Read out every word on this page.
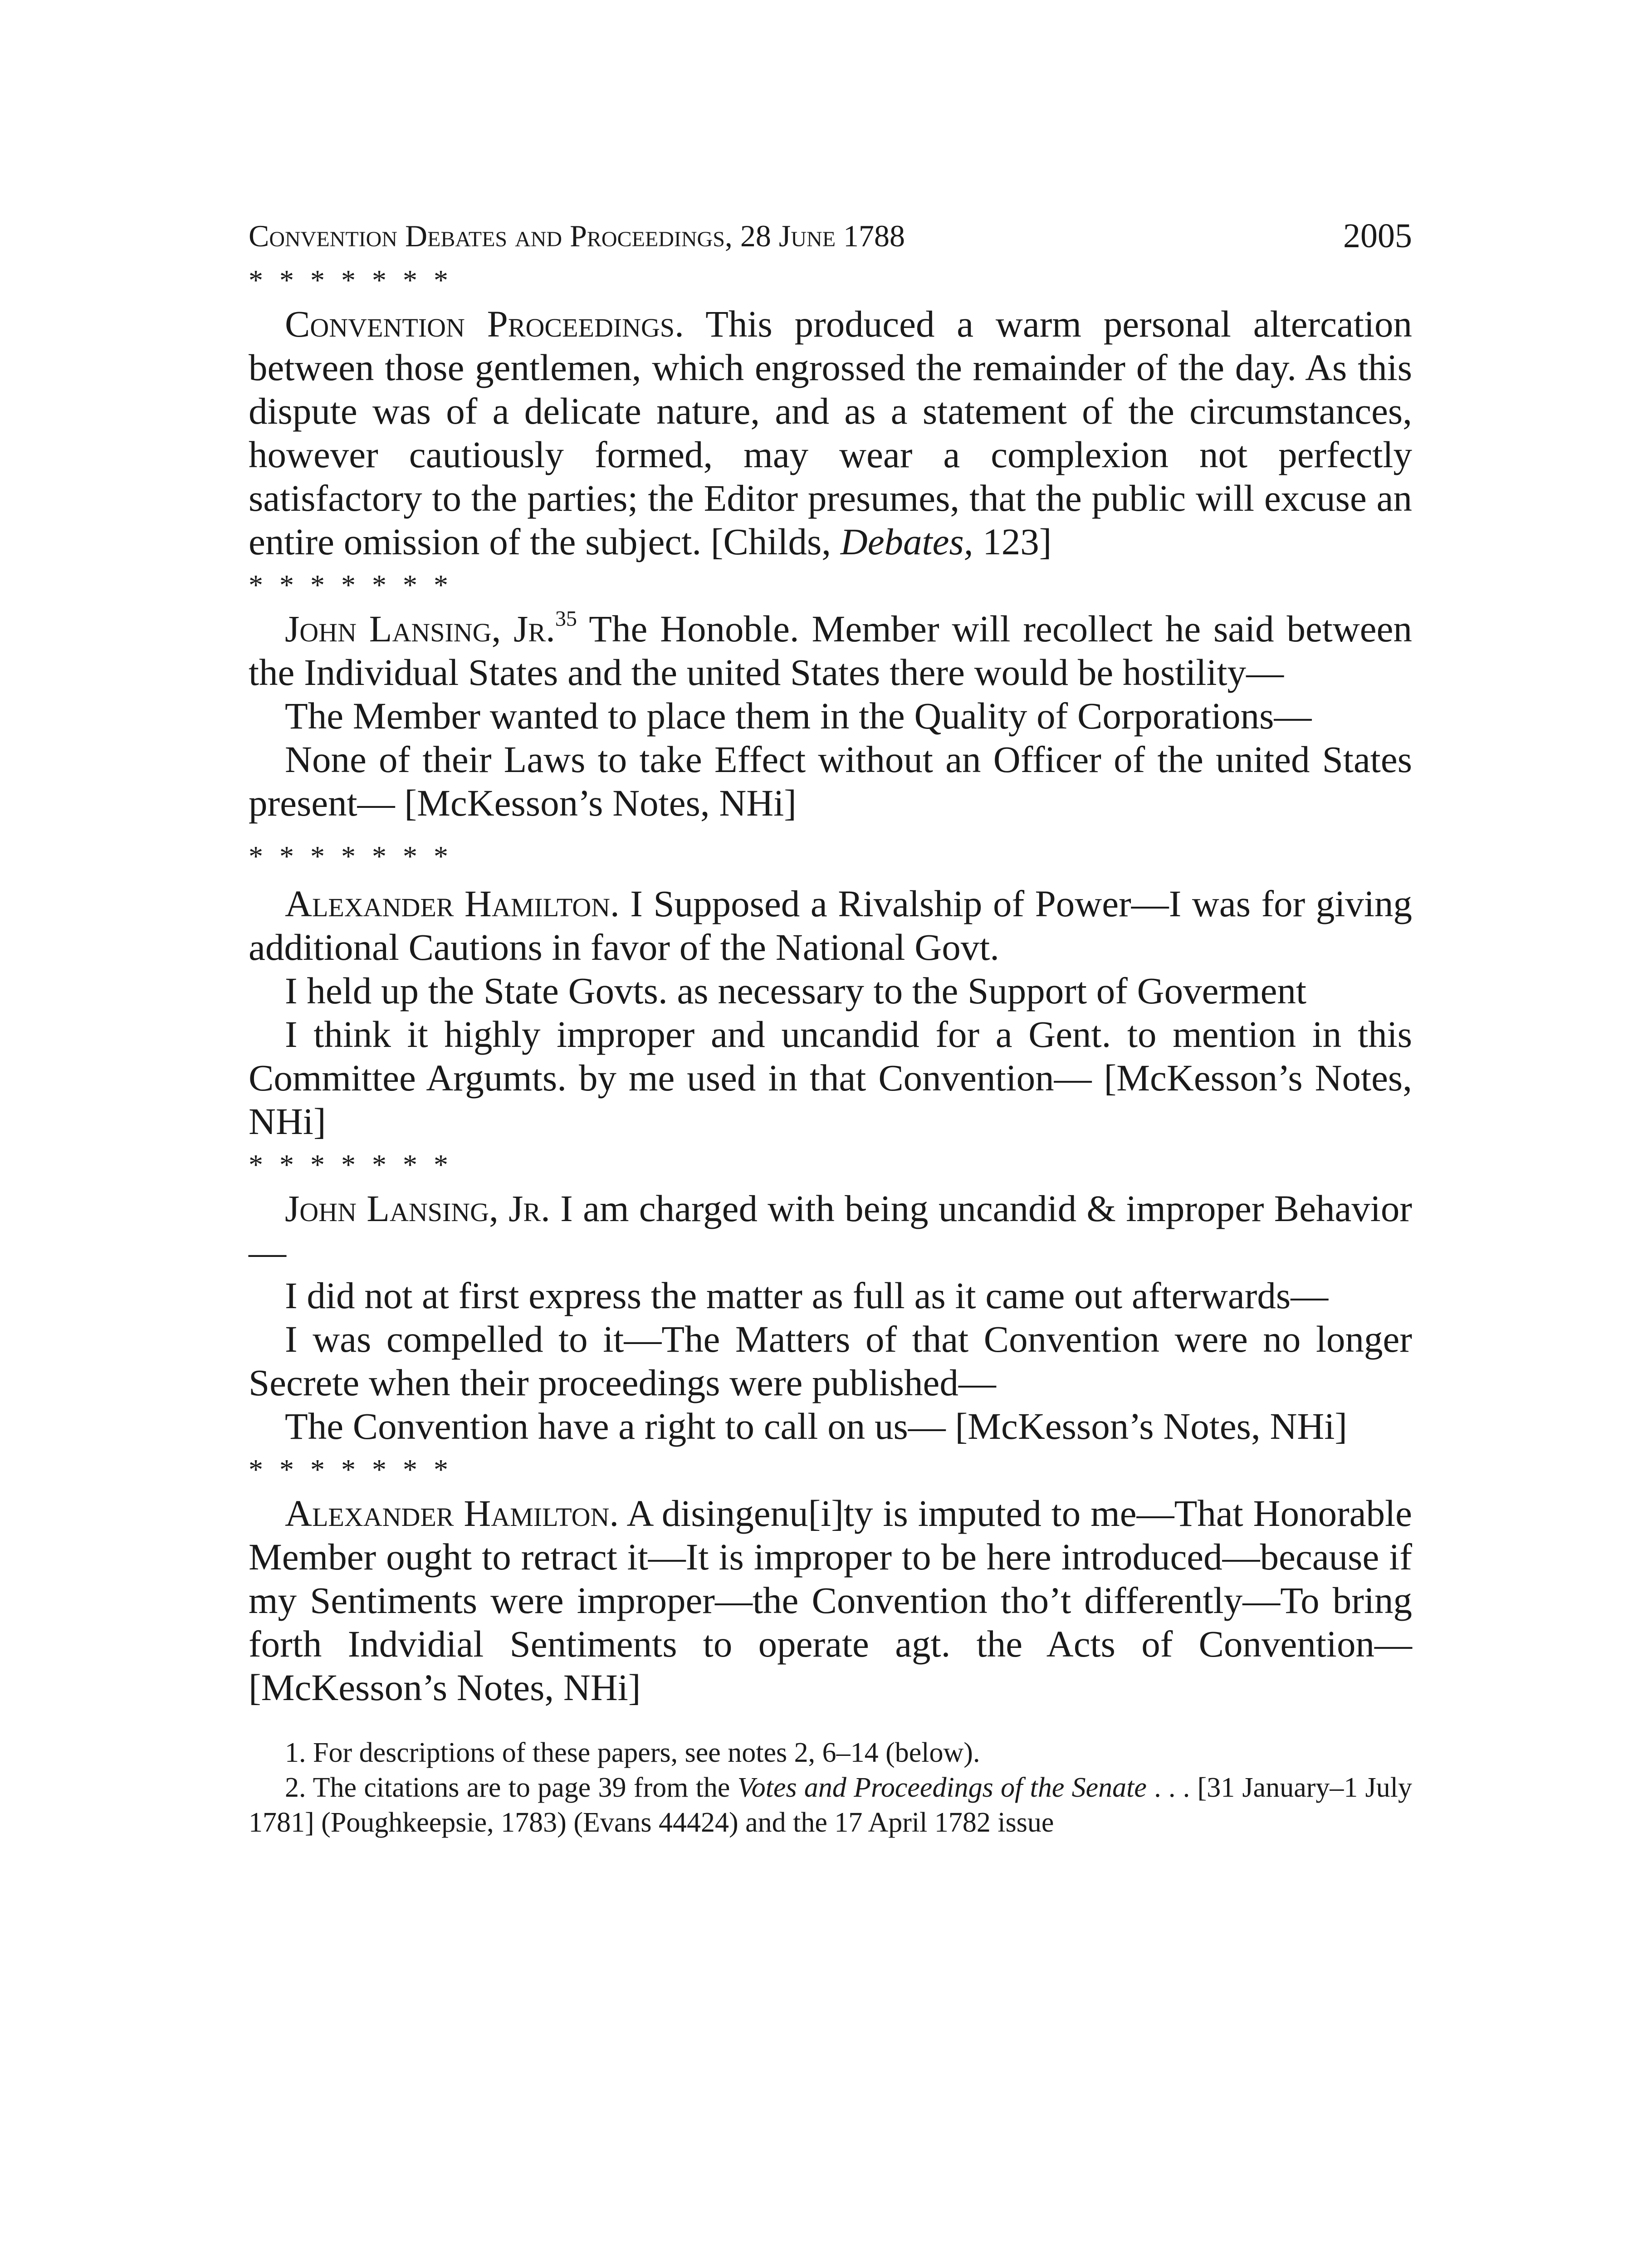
Convention Debates and Proceedings, 28 June 1788	2005
* * * * * * *

Convention Proceedings. This produced a warm personal altercation between those gentlemen, which engrossed the remainder of the day. As this dispute was of a delicate nature, and as a statement of the circumstances, however cautiously formed, may wear a complexion not perfectly satisfactory to the parties; the Editor presumes, that the public will excuse an entire omission of the subject. [Childs, Debates, 123]

* * * * * * *

John Lansing, Jr.$^{35}$ The Honoble. Member will recollect he said between the Individual States and the united States there would be hostility—

The Member wanted to place them in the Quality of Corporations—

None of their Laws to take Effect without an Officer of the united States present— [McKesson’s Notes, NHi]

* * * * * * *

Alexander Hamilton. I Supposed a Rivalship of Power—I was for giving additional Cautions in favor of the National Govt.

I held up the State Govts. as necessary to the Support of Goverment

I think it highly improper and uncandid for a Gent. to mention in this Committee Argumts. by me used in that Convention— [McKesson’s Notes, NHi]

* * * * * * *

John Lansing, Jr. I am charged with being uncandid & improper Behavior—

I did not at first express the matter as full as it came out afterwards—

I was compelled to it—The Matters of that Convention were no longer Secrete when their proceedings were published—

The Convention have a right to call on us— [McKesson’s Notes, NHi]

* * * * * * *

Alexander Hamilton. A disingenu[i]ty is imputed to me—That Honorable Member ought to retract it—It is improper to be here introduced—because if my Sentiments were improper—the Convention tho’t differently—To bring forth Indvidial Sentiments to operate agt. the Acts of Convention— [McKesson’s Notes, NHi]

1. For descriptions of these papers, see notes 2, 6–14 (below).

2. The citations are to page 39 from the Votes and Proceedings of the Senate . . . [31 January–1 July 1781] (Poughkeepsie, 1783) (Evans 44424) and the 17 April 1782 issue
